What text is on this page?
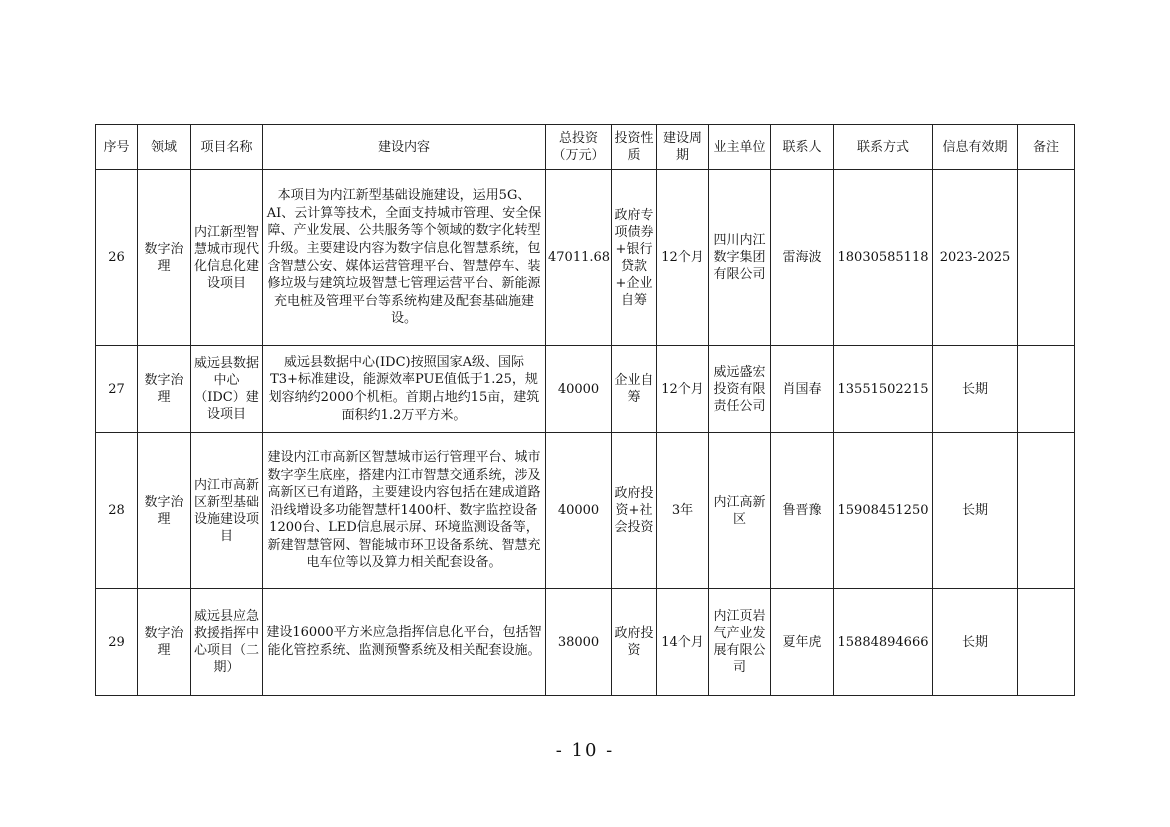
序号	领域	项目名称	建设内容	总投资（万元）	投资性质	建设周期	业主单位	联系人	联系方式	信息有效期	备注
26	数字治理	内江新型智慧城市现代化信息化建设项目	本项目为内江新型基础设施建设，运用5G、AI、云计算等技术，全面支持城市管理、安全保障、产业发展、公共服务等个领域的数字化转型升级。主要建设内容为数字信息化智慧系统，包含智慧公安、媒体运营管理平台、智慧停车、装修垃圾与建筑垃圾智慧七管理运营平台、新能源充电桩及管理平台等系统构建及配套基础施建设。	47011.68	政府专项债券+银行贷款+企业自筹	12个月	四川内江数字集团有限公司	雷海波	18030585118	2023-2025	
27	数字治理	威远县数据中心（IDC）建设项目	威远县数据中心(IDC)按照国家A级、国际T3+标准建设，能源效率PUE值低于1.25，规划容纳约2000个机柜。首期占地约15亩，建筑面积约1.2万平方米。	40000	企业自筹	12个月	威远盛宏投资有限责任公司	肖国春	13551502215	长期	
28	数字治理	内江市高新区新型基础设施建设项目	建设内江市高新区智慧城市运行管理平台、城市数字孪生底座，搭建内江市智慧交通系统，涉及高新区已有道路，主要建设内容包括在建成道路沿线增设多功能智慧杆1400杆、数字监控设备1200台、LED信息展示屏、环境监测设备等，新建智慧管网、智能城市环卫设备系统、智慧充电车位等以及算力相关配套设备。	40000	政府投资+社会投资	3年	内江高新区	鲁晋豫	15908451250	长期	
29	数字治理	威远县应急救援指挥中心项目（二期）	建设16000平方米应急指挥信息化平台，包括智能化管控系统、监测预警系统及相关配套设施。	38000	政府投资	14个月	内江页岩气产业发展有限公司	夏年虎	15884894666	长期	
- 10 -
